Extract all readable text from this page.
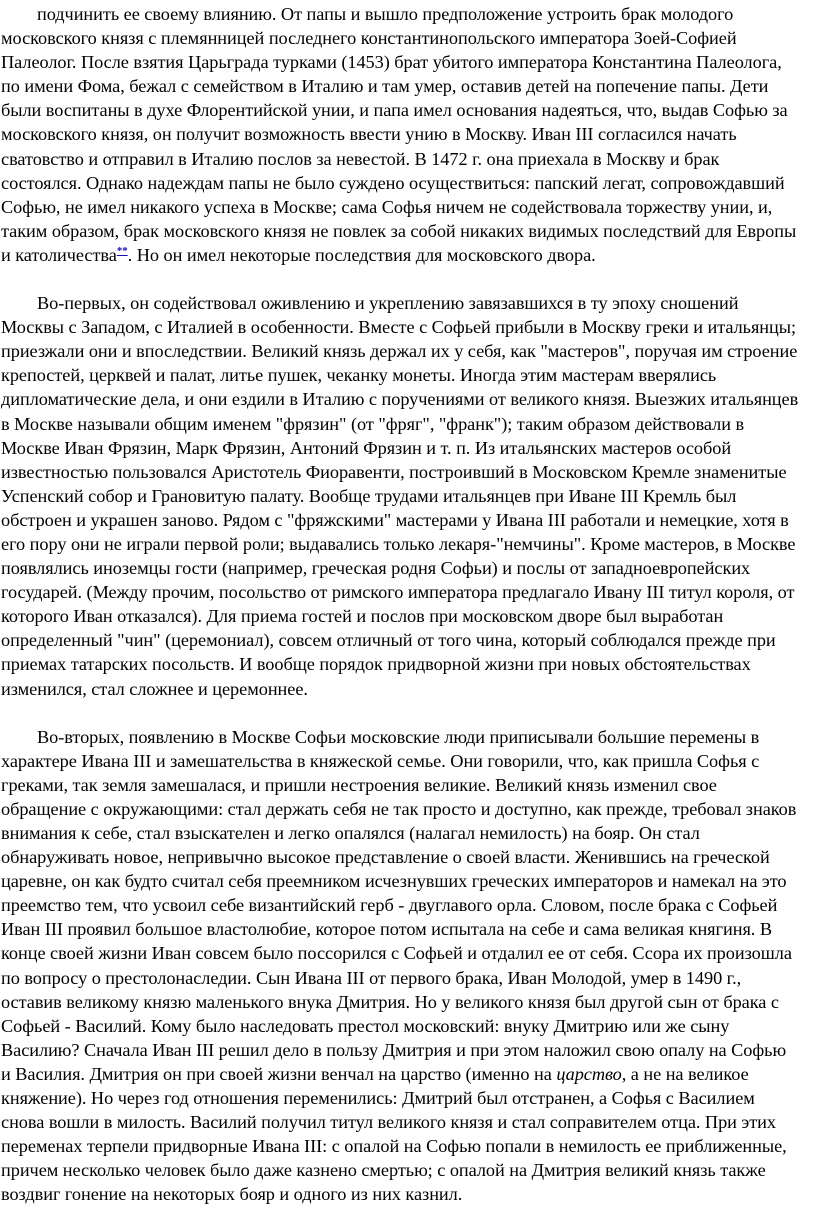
подчинить ее своему влиянию. От папы и вышло предположение устроить брак молодого московского князя с племянницей последнего константинопольского императора Зоей-Софией Палеолог. После взятия Царьграда турками (1453) брат убитого императора Константина Палеолога, по имени Фома, бежал с семейством в Италию и там умер, оставив детей на попечение папы. Дети были воспитаны в духе Флорентийской унии, и папа имел основания надеяться, что, выдав Софью за московского князя, он получит возможность ввести унию в Москву. Иван III согласился начать сватовство и отправил в Италию послов за невестой. В 1472 г. она приехала в Москву и брак состоялся. Однако надеждам папы не было суждено осуществиться: папский легат, сопровождавший Софью, не имел никакого успеха в Москве; сама Софья ничем не содействовала торжеству унии, и, таким образом, брак московского князя не повлек за собой никаких видимых последствий для Европы и католичества**. Но он имел некоторые последствия для московского двора.

Во-первых, он содействовал оживлению и укреплению завязавшихся в ту эпоху сношений Москвы с Западом, с Италией в особенности. Вместе с Софьей прибыли в Москву греки и итальянцы; приезжали они и впоследствии. Великий князь держал их у себя, как "мастеров", поручая им строение крепостей, церквей и палат, литье пушек, чеканку монеты. Иногда этим мастерам вверялись дипломатические дела, и они ездили в Италию с поручениями от великого князя. Выезжих итальянцев в Москве называли общим именем "фрязин" (от "фряг", "франк"); таким образом действовали в Москве Иван Фрязин, Марк Фрязин, Антоний Фрязин и т. п. Из итальянских мастеров особой известностью пользовался Аристотель Фиоравенти, построивший в Московском Кремле знаменитые Успенский собор и Грановитую палату. Вообще трудами итальянцев при Иване III Кремль был обстроен и украшен заново. Рядом с "фряжскими" мастерами у Ивана III работали и немецкие, хотя в его пору они не играли первой роли; выдавались только лекаря-"немчины". Кроме мастеров, в Москве появлялись иноземцы гости (например, греческая родня Софьи) и послы от западноевропейских государей. (Между прочим, посольство от римского императора предлагало Ивану III титул короля, от которого Иван отказался). Для приема гостей и послов при московском дворе был выработан определенный "чин" (церемониал), совсем отличный от того чина, который соблюдался прежде при приемах татарских посольств. И вообще порядок придворной жизни при новых обстоятельствах изменился, стал сложнее и церемоннее.

Во-вторых, появлению в Москве Софьи московские люди приписывали большие перемены в характере Ивана III и замешательства в княжеской семье. Они говорили, что, как пришла Софья с греками, так земля замешалася, и пришли нестроения великие. Великий князь изменил свое обращение с окружающими: стал держать себя не так просто и доступно, как прежде, требовал знаков внимания к себе, стал взыскателен и легко опалялся (налагал немилость) на бояр. Он стал обнаруживать новое, непривычно высокое представление о своей власти. Женившись на греческой царевне, он как будто считал себя преемником исчезнувших греческих императоров и намекал на это преемство тем, что усвоил себе византийский герб - двуглавого орла. Словом, после брака с Софьей Иван III проявил большое властолюбие, которое потом испытала на себе и сама великая княгиня. В конце своей жизни Иван совсем было поссорился с Софьей и отдалил ее от себя. Ссора их произошла по вопросу о престолонаследии. Сын Ивана III от первого брака, Иван Молодой, умер в 1490 г., оставив великому князю маленького внука Дмитрия. Но у великого князя был другой сын от брака с Софьей - Василий. Кому было наследовать престол московский: внуку Дмитрию или же сыну Василию? Сначала Иван III решил дело в пользу Дмитрия и при этом наложил свою опалу на Софью и Василия. Дмитрия он при своей жизни венчал на царство (именно на царство, а не на великое княжение). Но через год отношения переменились: Дмитрий был отстранен, а Софья с Василием снова вошли в милость. Василий получил титул великого князя и стал соправителем отца. При этих переменах терпели придворные Ивана III: с опалой на Софью попали в немилость ее приближенные, причем несколько человек было даже казнено смертью; с опалой на Дмитрия великий князь также воздвиг гонение на некоторых бояр и одного из них казнил.
